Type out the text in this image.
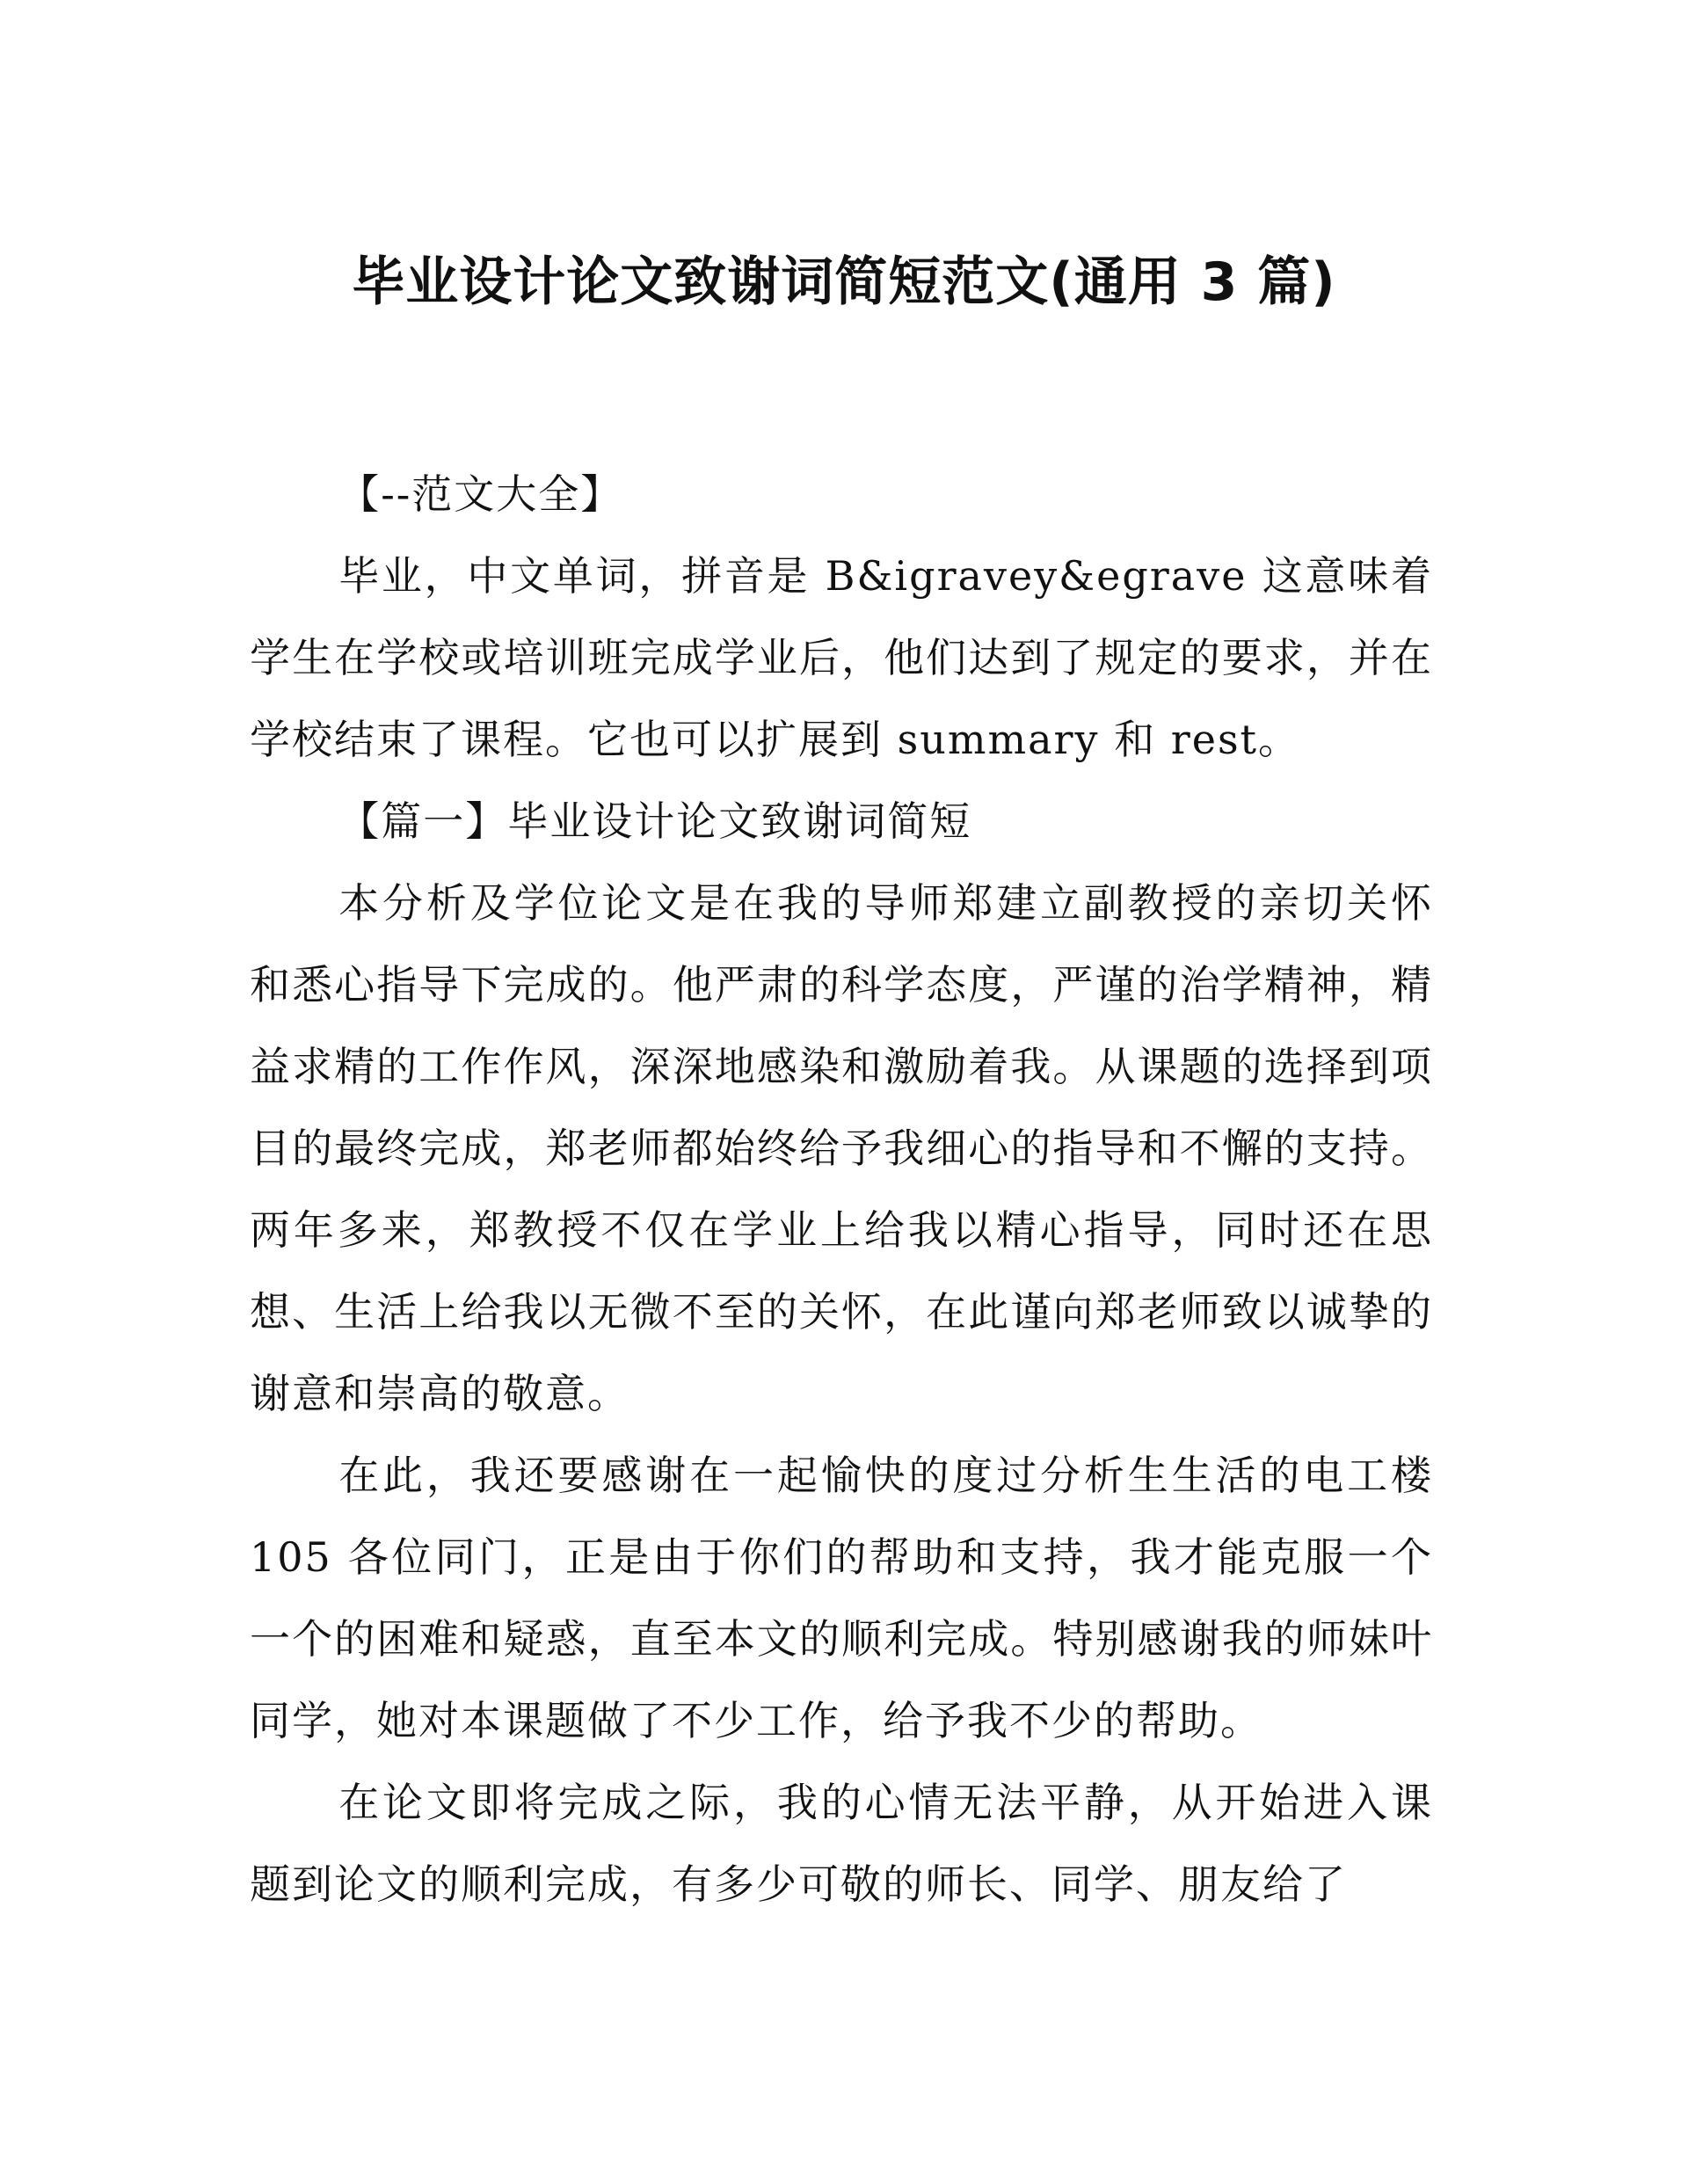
毕业设计论文致谢词简短范文(通用 3 篇)

【--范文大全】

毕业，中文单词，拼音是 B&igravey&egrave 这意味着学生在学校或培训班完成学业后，他们达到了规定的要求，并在学校结束了课程。它也可以扩展到 summary 和 rest。

【篇一】毕业设计论文致谢词简短

本分析及学位论文是在我的导师郑建立副教授的亲切关怀和悉心指导下完成的。他严肃的科学态度，严谨的治学精神，精益求精的工作作风，深深地感染和激励着我。从课题的选择到项目的最终完成，郑老师都始终给予我细心的指导和不懈的支持。两年多来，郑教授不仅在学业上给我以精心指导，同时还在思想、生活上给我以无微不至的关怀，在此谨向郑老师致以诚挚的谢意和崇高的敬意。

在此，我还要感谢在一起愉快的度过分析生生活的电工楼 105 各位同门，正是由于你们的帮助和支持，我才能克服一个一个的困难和疑惑，直至本文的顺利完成。特别感谢我的师妹叶同学，她对本课题做了不少工作，给予我不少的帮助。

在论文即将完成之际，我的心情无法平静，从开始进入课题到论文的顺利完成，有多少可敬的师长、同学、朋友给了
